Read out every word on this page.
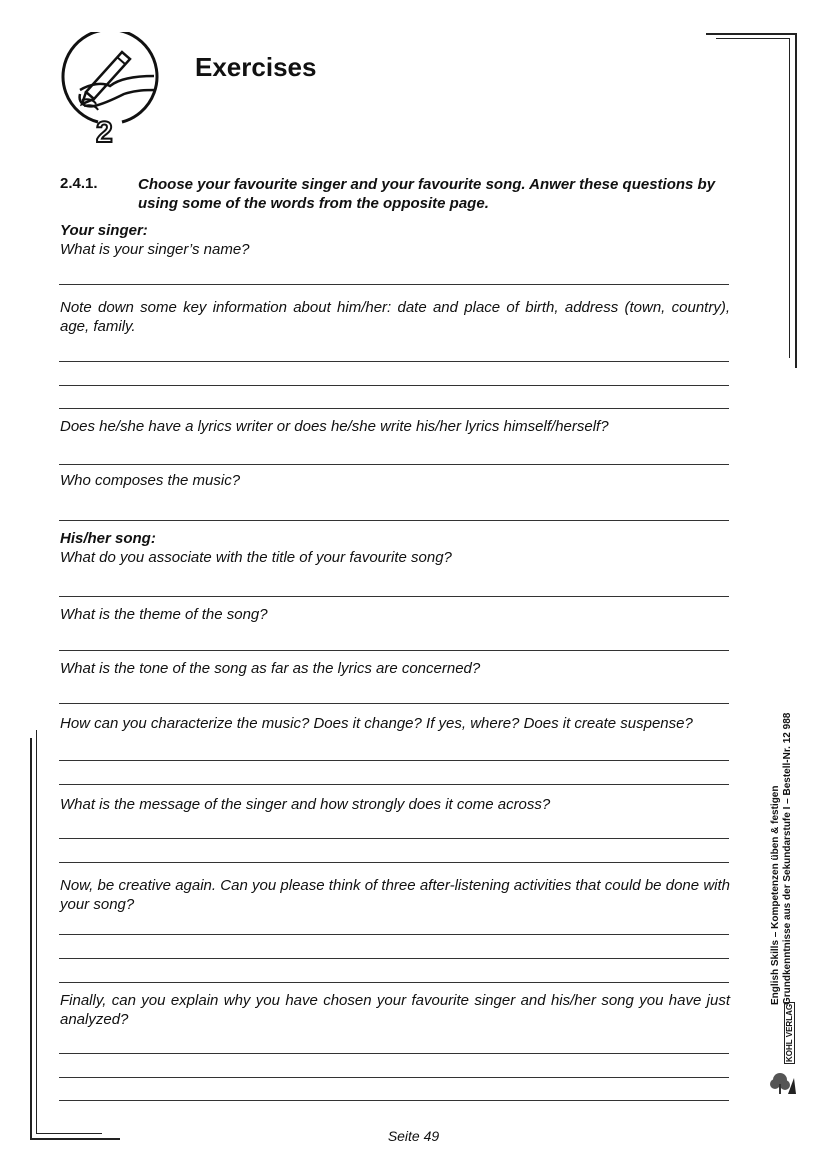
2
Exercises
2.4.1.	Choose your favourite singer and your favourite song. Anwer these questions by using some of the words from the opposite page.
Your singer:
What is your singer’s name?
Note down some key information about him/her: date and place of birth, address (town, country), age, family.
Does he/she have a lyrics writer or does he/she write his/her lyrics himself/herself?
Who composes the music?
His/her song:
What do you associate with the title of your favourite song?
What is the theme of the song?
What is the tone of the song as far as the lyrics are concerned?
How can you characterize the music? Does it change? If yes, where? Does it create suspense?
What is the message of the singer and how strongly does it come across?
Now, be creative again. Can you please think of three after-listening activities that could be done with your song?
Finally, can you explain why you have chosen your favourite singer and his/her song you have just analyzed?
Seite 49
English Skills – Kompetenzen üben & festigen Grundkenntnisse aus der Sekundarstufe I – Bestell-Nr. 12 988
KOHL VERLAG
